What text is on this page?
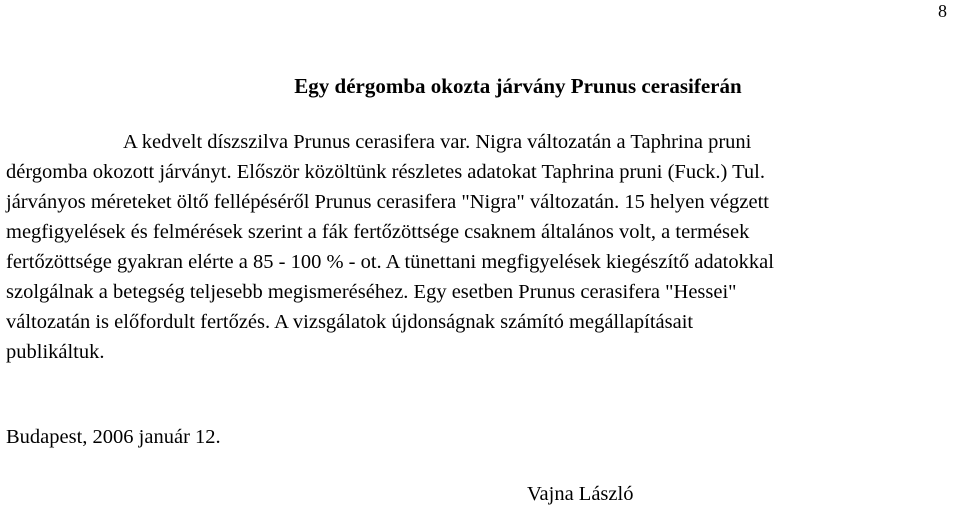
8
Egy dérgomba okozta járvány Prunus cerasiferán
A kedvelt díszszilva Prunus cerasifera var. Nigra változatán a Taphrina pruni
dérgomba okozott járványt. Először közöltünk részletes adatokat Taphrina pruni (Fuck.) Tul.
járványos méreteket öltő fellépéséről Prunus cerasifera "Nigra" változatán. 15 helyen végzett
megfigyelések és felmérések szerint a fák fertőzöttsége csaknem általános volt, a termések
fertőzöttsége gyakran elérte a 85 - 100 % - ot. A tünettani megfigyelések kiegészítő adatokkal
szolgálnak a betegség teljesebb megismeréséhez. Egy esetben Prunus cerasifera "Hessei"
változatán is előfordult fertőzés. A vizsgálatok újdonságnak számító megállapításait
publikáltuk.

Budapest, 2006 január 12.

Vajna László
